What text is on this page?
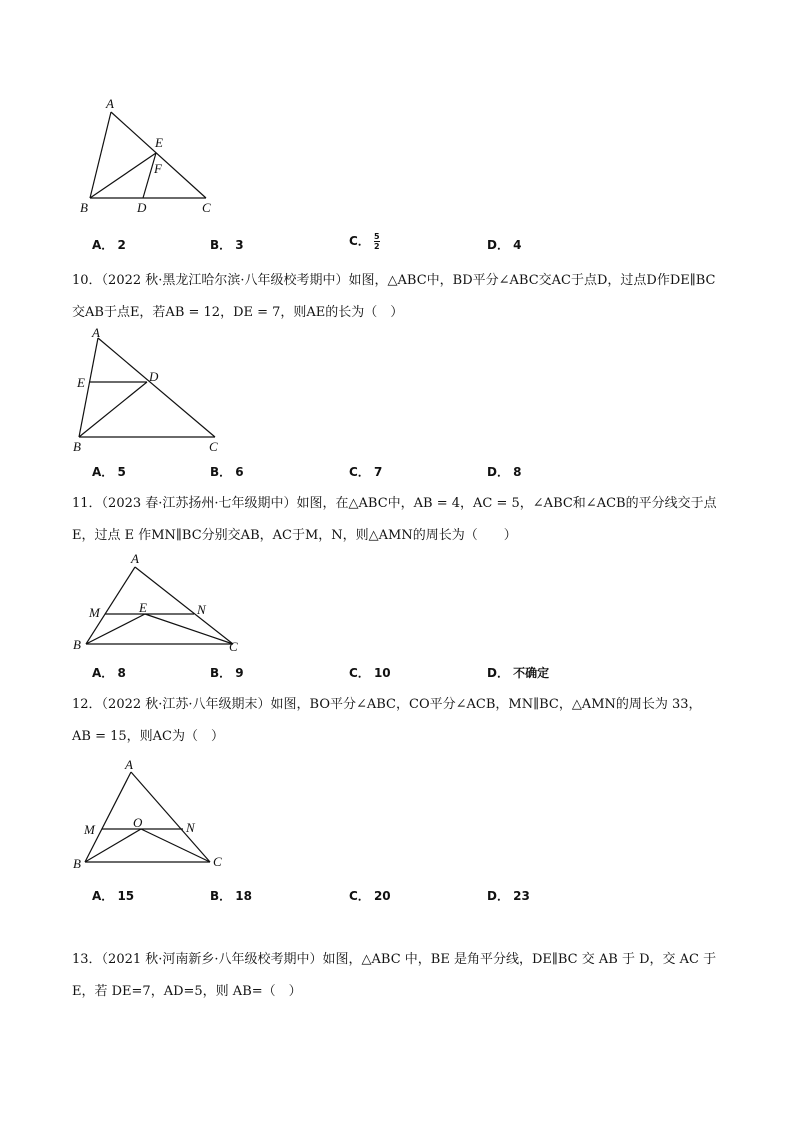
A
E
F
B	D	C
A． 2	B． 3	C． $\frac{5}{2}$	D． 4
10．（2022 秋·黑龙江哈尔滨·八年级校考期中）如图，△ABC中，BD平分∠ABC交AC于点D，过点D作DE∥BC
交AB于点E，若AB = 12，DE = 7，则AE的长为（　）
A
E	D
B	C
A． 5	B． 6	C． 7	D． 8
11．（2023 春·江苏扬州·七年级期中）如图，在△ABC中，AB = 4，AC = 5，∠ABC和∠ACB的平分线交于点
E，过点 E 作MN∥BC分别交AB，AC于M，N，则△AMN的周长为（　　）
A
M	E	N
B	C
A． 8	B． 9	C． 10	D． 不确定
12．（2022 秋·江苏·八年级期末）如图，BO平分∠ABC，CO平分∠ACB，MN∥BC，△AMN的周长为 33，
AB = 15，则AC为（　）
A
M	O	N
B	C
A． 15	B． 18	C． 20	D． 23
13．（2021 秋·河南新乡·八年级校考期中）如图，△ABC 中，BE 是角平分线，DE∥BC 交 AB 于 D，交 AC 于
E，若 DE=7，AD=5，则 AB=（　）
